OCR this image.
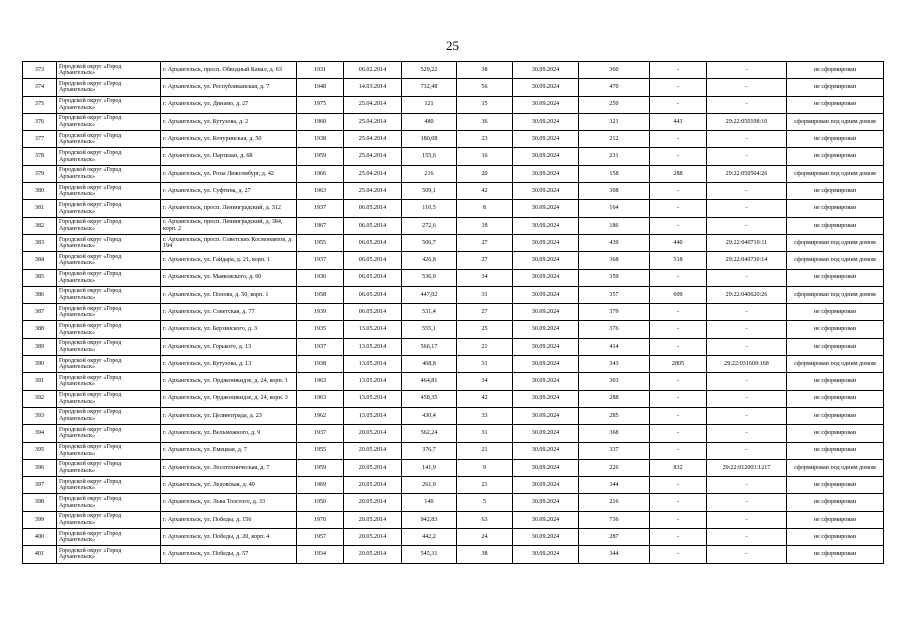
25
373	Городской округ «Город Архангельск»	г. Архангельск, просп. Обводный Канал, д. 63	1931	06.02.2014	529,22	38	30.09.2024	360	-	-	не сформирован
374	Городской округ «Город Архангельск»	г. Архангельск, ул. Республиканская, д. 7	1948	14.03.2014	732,48	56	30.09.2024	470	-	-	не сформирован
375	Городской округ «Город Архангельск»	г. Архангельск, ул. Динамо, д. 27	1975	25.04.2014	121	15	30.09.2024	250	-	-	не сформирован
376	Городской округ «Город Архангельск»	г. Архангельск, ул. Кутузова, д. 2	1960	25.04.2014	480	36	30.09.2024	321	443	29:22:050108:10	сформирован под одним домом
377	Городской округ «Город Архангельск»	г. Архангельск, ул. Кочуринская, д. 50	1938	25.04.2014	180,08	23	30.09.2024	212	-	-	не сформирован
378	Городской округ «Город Архангельск»	г. Архангельск, ул. Партизан, д. 68	1959	25.04.2014	155,6	16	30.09.2024	231	-	-	не сформирован
379	Городской округ «Город Архангельск»	г. Архангельск, ул. Розы Люксембург, д. 42	1966	25.04.2014	216	20	30.09.2024	158	288	29:22:050504:26	сформирован под одним домом
380	Городской округ «Город Архангельск»	г. Архангельск, ул. Суфтина, д. 27	1963	25.04.2014	509,1	42	30.09.2024	308	-	-	не сформирован
381	Городской округ «Город Архангельск»	г. Архангельск, просп. Ленинградский, д. 312	1937	06.05.2014	110,5	8	30.09.2024	164	-	-	не сформирован
382	Городской округ «Город Архангельск»	г. Архангельск, просп. Ленинградский, д. 384, корп. 2	1967	06.05.2014	272,6	18	30.09.2024	186	-	-	не сформирован
383	Городской округ «Город Архангельск»	г. Архангельск, просп. Советских Космонавтов, д. 194	1955	06.05.2014	506,7	27	30.09.2024	439	440	29:22:040710:11	сформирован под одним домом
384	Городской округ «Город Архангельск»	г. Архангельск, ул. Гайдара, д. 21, корп. 1	1937	06.05.2014	426,8	27	30.09.2024	368	518	29:22:040730:14	сформирован под одним домом
385	Городской округ «Город Архангельск»	г. Архангельск, ул. Маяковского, д. 60	1936	06.05.2014	536,9	34	30.09.2024	359	-	-	не сформирован
386	Городской округ «Город Архангельск»	г. Архангельск, ул. Попова, д. 50, корп. 1	1958	06.05.2014	447,02	31	30.09.2024	357	609	29:22:040620:26	сформирован под одним домом
387	Городской округ «Город Архангельск»	г. Архангельск, ул. Советская, д. 77	1939	06.05.2014	531,4	27	30.09.2024	379	-	-	не сформирован
388	Городской округ «Город Архангельск»	г. Архангельск, ул. Берзинского, д. 3	1935	13.05.2014	555,1	25	30.09.2024	376	-	-	не сформирован
389	Городской округ «Город Архангельск»	г. Архангельск, ул. Горького, д. 13	1937	13.05.2014	566,17	21	30.09.2024	414	-	-	не сформирован
390	Городской округ «Город Архангельск»	г. Архангельск, ул. Кутузова, д. 13	1938	13.05.2014	468,8	31	30.09.2024	343	2805	29:22:031609:168	сформирован под одним домом
391	Городской округ «Город Архангельск»	г. Архангельск, ул. Орджоникидзе, д. 24, корп. 1	1963	13.05.2014	464,81	34	30.09.2024	303	-	-	не сформирован
392	Городской округ «Город Архангельск»	г. Архангельск, ул. Орджоникидзе, д. 24, корп. 3	1963	13.05.2014	458,35	42	30.09.2024	288	-	-	не сформирован
393	Городской округ «Город Архангельск»	г. Архангельск, ул. Целинограда, д. 23	1962	13.05.2014	430,4	33	30.09.2024	285	-	-	не сформирован
394	Городской округ «Город Архангельск»	г. Архангельск, ул. Вельможного, д. 9	1937	20.05.2014	562,24	31	30.09.2024	368	-	-	не сформирован
395	Городской округ «Город Архангельск»	г. Архангельск, ул. Емецкая, д. 7	1955	20.05.2014	376,7	21	30.09.2024	337	-	-	не сформирован
396	Городской округ «Город Архангельск»	г. Архангельск, ул. Лесотехническая, д. 7	1959	20.05.2014	141,9	9	30.09.2024	226	832	29:22:012003:1217	сформирован под одним домом
397	Городской округ «Город Архангельск»	г. Архангельск, ул. Ледовская, д. 49	1969	20.05.2014	261,9	21	30.09.2024	344	-	-	не сформирован
398	Городской округ «Город Архангельск»	г. Архангельск, ул. Льва Толстого, д. 33	1950	20.05.2014	140	5	30.09.2024	216	-	-	не сформирован
399	Городской округ «Город Архангельск»	г. Архангельск, ул. Победы, д. 156	1970	20.05.2014	942,83	63	30.09.2024	736	-	-	не сформирован
400	Городской округ «Город Архангельск»	г. Архангельск, ул. Победы, д. 20, корп. 4	1957	20.05.2014	442,2	24	30.09.2024	287	-	-	не сформирован
401	Городской округ «Город Архангельск»	г. Архангельск, ул. Победы, д. 57	1934	20.05.2014	545,31	38	30.09.2024	344	-	-	не сформирован
